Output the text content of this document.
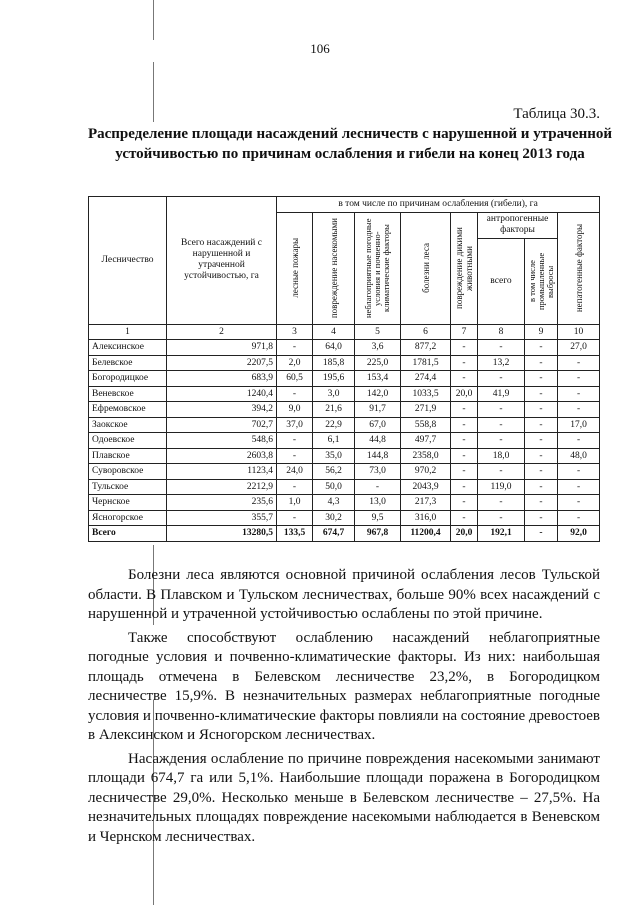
106
Таблица 30.3.
Распределение площади насаждений лесничеств с нарушенной и утраченной устойчивостью по причинам ослабления и гибели на конец 2013 года
Лесничество	Всего насаждений с нарушенной и утраченной устойчивостью, га	в том числе по причинам ослабления (гибели), га							

		лесные пожары	повреждение насекомыми	неблагоприятные погодные условия и почвенно-климатические факторы	болезни леса	повреждение дикими животными	антропогенные факторы		непатогенные факторы

							всего	в том числе промышленные выбросы	

1	2	3	4	5	6	7	8	9	10
Алексинское	971,8	-	64,0	3,6	877,2	-	-	-	27,0
Белевское	2207,5	2,0	185,8	225,0	1781,5	-	13,2	-	-
Богородицкое	683,9	60,5	195,6	153,4	274,4	-	-	-	-
Веневское	1240,4	-	3,0	142,0	1033,5	20,0	41,9	-	-
Ефремовское	394,2	9,0	21,6	91,7	271,9	-	-	-	-
Заокское	702,7	37,0	22,9	67,0	558,8	-	-	-	17,0
Одоевское	548,6	-	6,1	44,8	497,7	-	-	-	-
Плавское	2603,8	-	35,0	144,8	2358,0	-	18,0	-	48,0
Суворовское	1123,4	24,0	56,2	73,0	970,2	-	-	-	-
Тульское	2212,9	-	50,0	-	2043,9	-	119,0	-	-
Чернское	235,6	1,0	4,3	13,0	217,3	-	-	-	-
Ясногорское	355,7	-	30,2	9,5	316,0	-	-	-	-
Всего	13280,5	133,5	674,7	967,8	11200,4	20,0	192,1	-	92,0

Болезни леса являются основной причиной ослабления лесов Тульской области. В Плавском и Тульском лесничествах, больше 90% всех насаждений с нарушенной и утраченной устойчивостью ослаблены по этой причине.

Также способствуют ослаблению насаждений неблагоприятные погодные условия и почвенно-климатические факторы. Из них: наибольшая площадь отмечена в Белевском лесничестве 23,2%, в Богородицком лесничестве 15,9%. В незначительных размерах неблагоприятные погодные условия и почвенно-климатические факторы повлияли на состояние древостоев в Алексинском и Ясногорском лесничествах.

Насаждения ослабление по причине повреждения насекомыми занимают площади 674,7 га или 5,1%. Наибольшие площади поражена в Богородицком лесничестве 29,0%. Несколько меньше в Белевском лесничестве – 27,5%. На незначительных площадях повреждение насекомыми наблюдается в Веневском и Чернском лесничествах.
